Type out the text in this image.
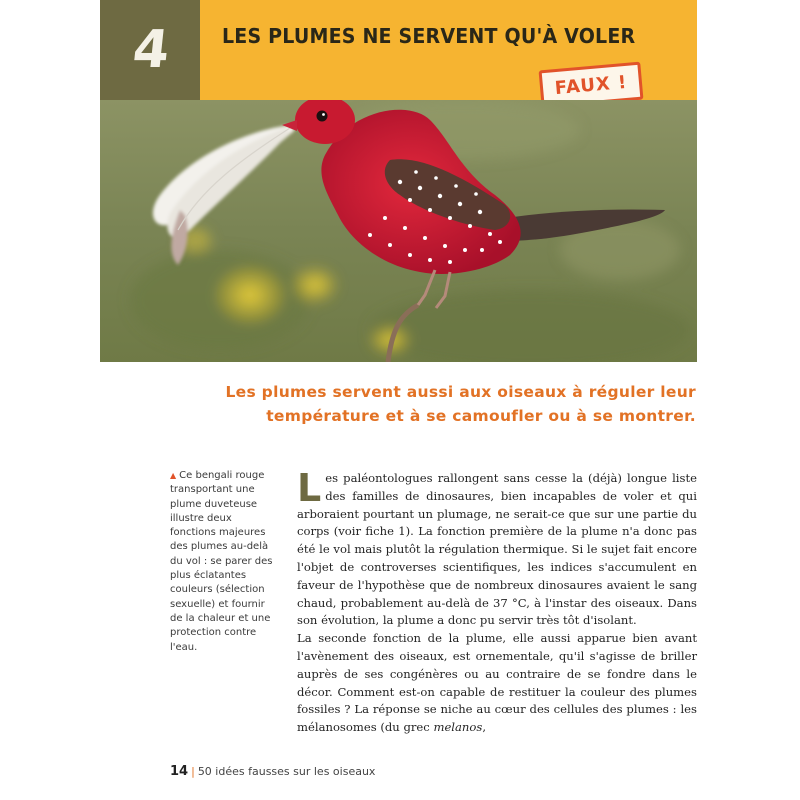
4	LES PLUMES NE SERVENT QU'À VOLER
FAUX !
Les plumes servent aussi aux oiseaux à réguler leur température et à se camoufler ou à se montrer.
▲ Ce bengali rouge transportant une plume duveteuse illustre deux fonctions majeures des plumes au-delà du vol : se parer des plus éclatantes couleurs (sélection sexuelle) et fournir de la chaleur et une protection contre l'eau.

Les paléontologues rallongent sans cesse la (déjà) longue liste des familles de dinosaures, bien incapables de voler et qui arboraient pourtant un plumage, ne serait-ce que sur une partie du corps (voir fiche 1). La fonction première de la plume n'a donc pas été le vol mais plutôt la régulation thermique. Si le sujet fait encore l'objet de controverses scientifiques, les indices s'accumulent en faveur de l'hypothèse que de nombreux dinosaures avaient le sang chaud, probablement au-delà de 37 °C, à l'instar des oiseaux. Dans son évolution, la plume a donc pu servir très tôt d'isolant.

La seconde fonction de la plume, elle aussi apparue bien avant l'avènement des oiseaux, est ornementale, qu'il s'agisse de briller auprès de ses congénères ou au contraire de se fondre dans le décor. Comment est-on capable de restituer la couleur des plumes fossiles ? La réponse se niche au cœur des cellules des plumes : les mélanosomes (du grec melanos,

14 | 50 idées fausses sur les oiseaux
